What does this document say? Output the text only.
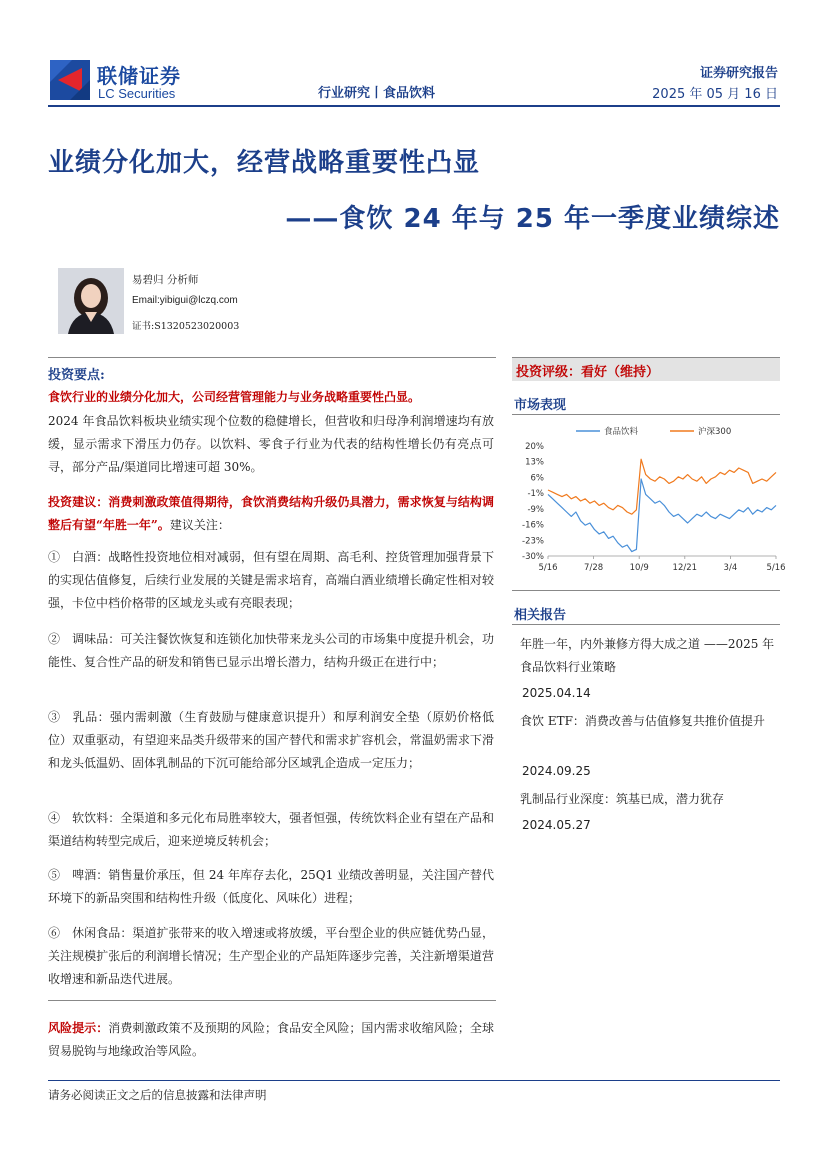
联储证券
LC Securities	行业研究丨食品饮料
证券研究报告
2025 年 05 月 16 日
业绩分化加大，经营战略重要性凸显
——食饮 24 年与 25 年一季度业绩综述
易碧归 分析师
Email:yibigui@lczq.com
证书:S1320523020003
投资要点:
食饮行业的业绩分化加大，公司经营管理能力与业务战略重要性凸显。
2024 年食品饮料板块业绩实现个位数的稳健增长，但营收和归母净利润增速均有放缓，显示需求下滑压力仍存。以饮料、零食子行业为代表的结构性增长仍有亮点可寻，部分产品/渠道同比增速可超 30%。
投资建议：消费刺激政策值得期待，食饮消费结构升级仍具潜力，需求恢复与结构调整后有望“年胜一年”。建议关注：
①　白酒：战略性投资地位相对减弱，但有望在周期、高毛利、控货管理加强背景下的实现估值修复，后续行业发展的关键是需求培育，高端白酒业绩增长确定性相对较强，卡位中档价格带的区域龙头或有亮眼表现；
②　调味品：可关注餐饮恢复和连锁化加快带来龙头公司的市场集中度提升机会，功能性、复合性产品的研发和销售已显示出增长潜力，结构升级正在进行中；
③　乳品：强内需刺激（生育鼓励与健康意识提升）和厚利润安全垫（原奶价格低位）双重驱动，有望迎来品类升级带来的国产替代和需求扩容机会，常温奶需求下滑和龙头低温奶、固体乳制品的下沉可能给部分区域乳企造成一定压力；
④　软饮料：全渠道和多元化布局胜率较大，强者恒强，传统饮料企业有望在产品和渠道结构转型完成后，迎来逆境反转机会；
⑤　啤酒：销售量价承压，但 24 年库存去化，25Q1 业绩改善明显，关注国产替代环境下的新品突围和结构性升级（低度化、风味化）进程；
⑥　休闲食品：渠道扩张带来的收入增速或将放缓，平台型企业的供应链优势凸显，关注规模扩张后的利润增长情况；生产型企业的产品矩阵逐步完善，关注新增渠道营收增速和新品迭代进展。
风险提示：消费刺激政策不及预期的风险；食品安全风险；国内需求收缩风险；全球贸易脱钩与地缘政治等风险。
投资评级：看好（维持）
市场表现
食品饮料	沪深300
20%
13%
6%
-1%
-9%
-16%
-23%
-30%
5/16	7/28	10/9	12/21	3/4	5/16
相关报告
年胜一年，内外兼修方得大成之道 ——2025 年食品饮料行业策略
2025.04.14
食饮 ETF：消费改善与估值修复共推价值提升
2024.09.25
乳制品行业深度：筑基已成，潜力犹存
2024.05.27
请务必阅读正文之后的信息披露和法律声明
